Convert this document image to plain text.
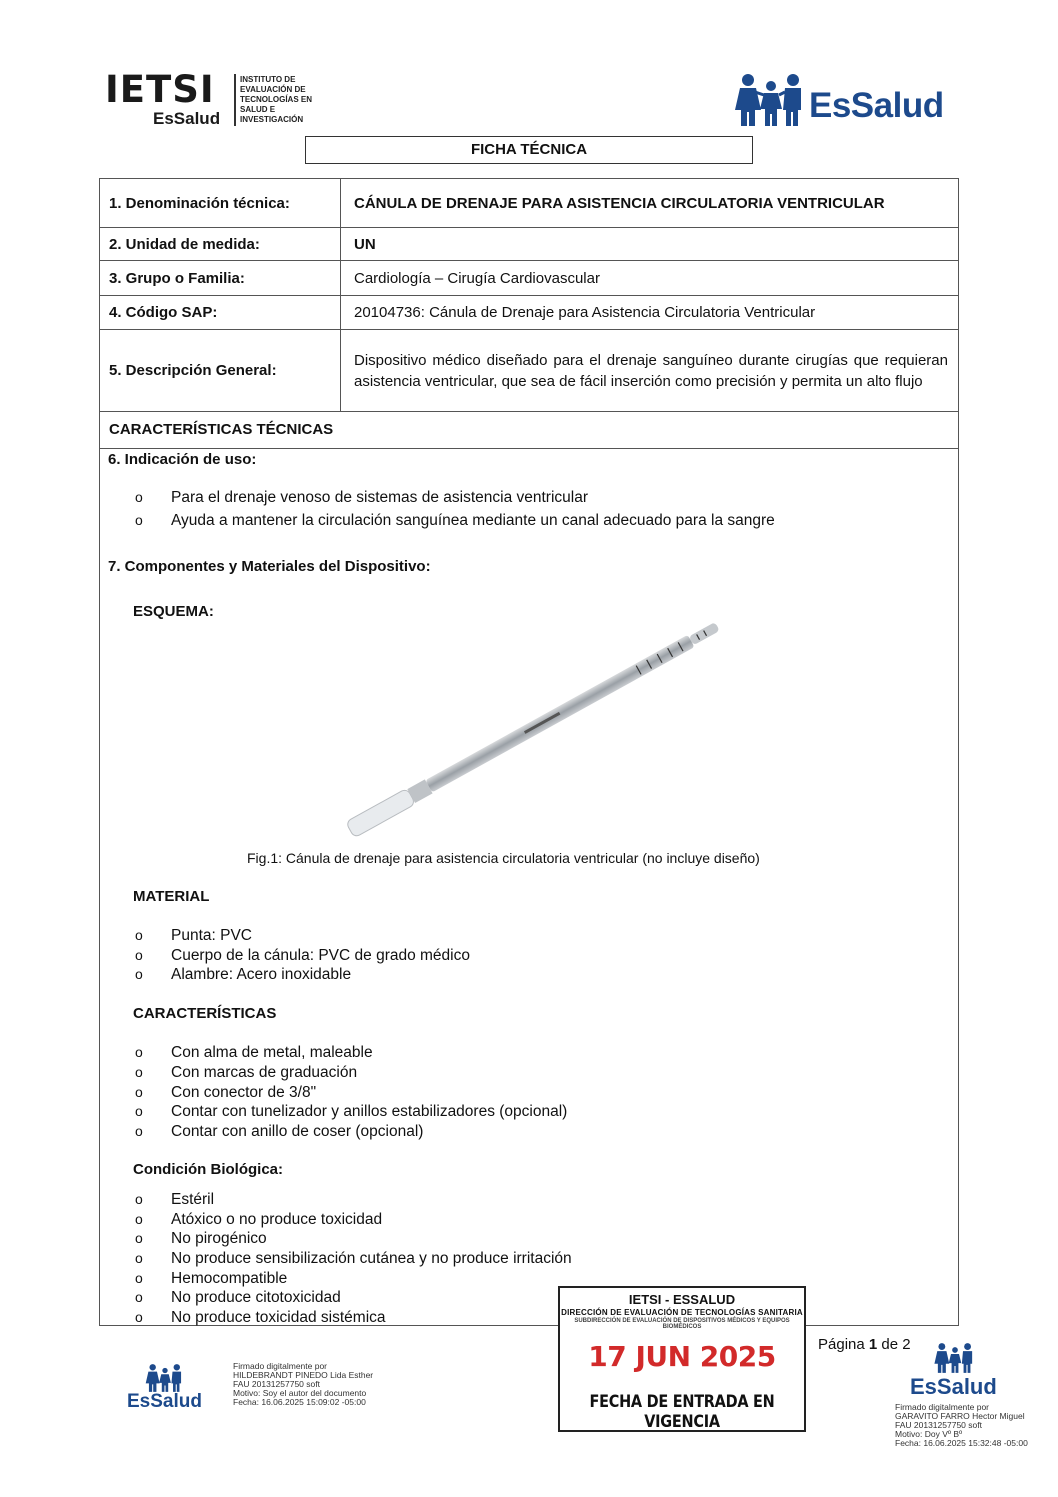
IETSI
EsSalud
INSTITUTO DE
EVALUACIÓN DE
TECNOLOGÍAS EN
SALUD E
INVESTIGACIÓN	EsSalud
FICHA TÉCNICA
1. Denominación técnica:	CÁNULA DE DRENAJE PARA ASISTENCIA CIRCULATORIA VENTRICULAR
2. Unidad de medida:	UN
3. Grupo o Familia:	Cardiología – Cirugía Cardiovascular
4. Código SAP:	20104736: Cánula de Drenaje para Asistencia Circulatoria Ventricular
5. Descripción General:
Dispositivo médico diseñado para el drenaje sanguíneo durante cirugías que requieran asistencia ventricular, que sea de fácil inserción como precisión y permita un alto flujo
CARACTERÍSTICAS TÉCNICAS
6. Indicación de uso:
o Para el drenaje venoso de sistemas de asistencia ventricular
o Ayuda a mantener la circulación sanguínea mediante un canal adecuado para la sangre
7. Componentes y Materiales del Dispositivo:
ESQUEMA:
Fig.1: Cánula de drenaje para asistencia circulatoria ventricular (no incluye diseño)
MATERIAL
o Punta: PVC
o Cuerpo de la cánula: PVC de grado médico
o Alambre: Acero inoxidable
CARACTERÍSTICAS
o Con alma de metal, maleable
o Con marcas de graduación
o Con conector de 3/8"
o Contar con tunelizador y anillos estabilizadores (opcional)
o Contar con anillo de coser (opcional)
Condición Biológica:
o Estéril
o Atóxico o no produce toxicidad
o No pirogénico
o No produce sensibilización cutánea y no produce irritación
o Hemocompatible
o No produce citotoxicidad
o No produce toxicidad sistémica
EsSalud
Firmado digitalmente por
HILDEBRANDT PINEDO Lida Esther
FAU 20131257750 soft
Motivo: Soy el autor del documento
Fecha: 16.06.2025 15:09:02 -05:00
IETSI - ESSALUD
DIRECCIÓN DE EVALUACIÓN DE TECNOLOGÍAS SANITARIA
SUBDIRECCIÓN DE EVALUACIÓN DE DISPOSITIVOS MÉDICOS Y EQUIPOS BIOMÉDICOS
17 JUN 2025
FECHA DE ENTRADA EN VIGENCIA
Página 1 de 2
EsSalud
Firmado digitalmente por
GARAVITO FARRO Hector Miguel
FAU 20131257750 soft
Motivo: Doy Vº Bº
Fecha: 16.06.2025 15:32:48 -05:00
